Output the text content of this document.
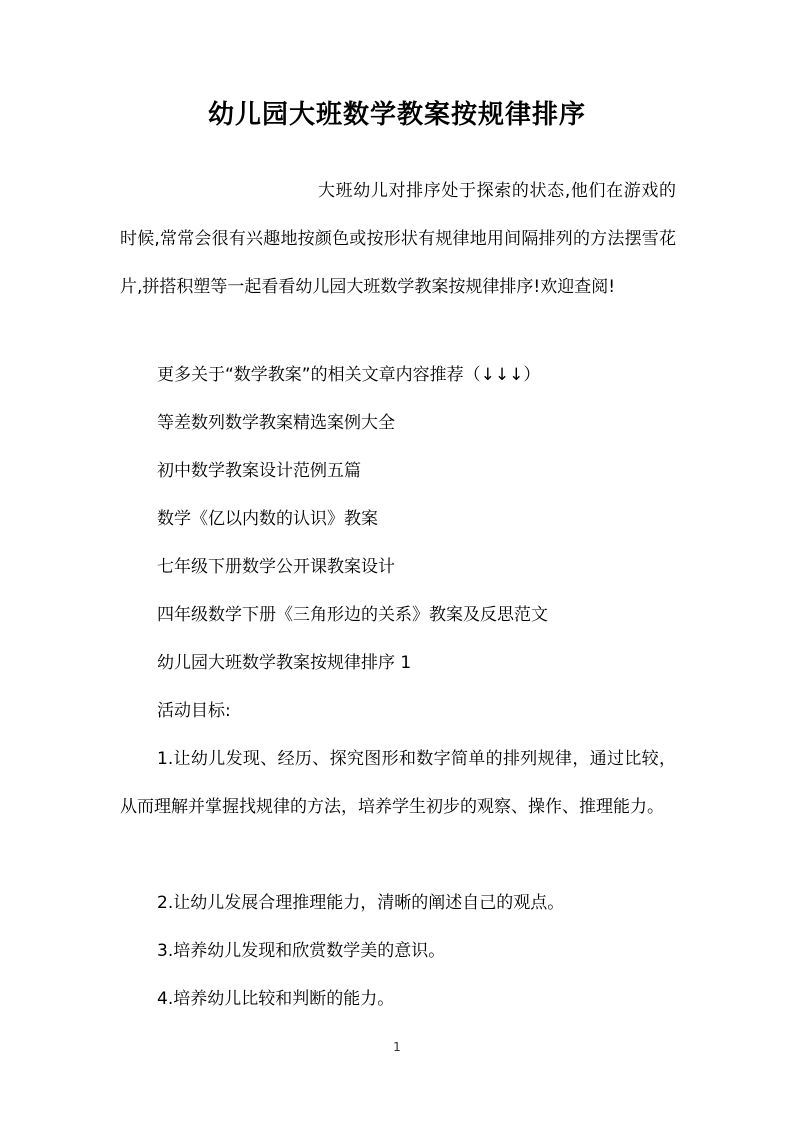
幼儿园大班数学教案按规律排序
大班幼儿对排序处于探索的状态,他们在游戏的时候,常常会很有兴趣地按颜色或按形状有规律地用间隔排列的方法摆雪花片,拼搭积塑等一起看看幼儿园大班数学教案按规律排序!欢迎查阅!
更多关于“数学教案”的相关文章内容推荐（↓↓↓）
等差数列数学教案精选案例大全
初中数学教案设计范例五篇
数学《亿以内数的认识》教案
七年级下册数学公开课教案设计
四年级数学下册《三角形边的关系》教案及反思范文
幼儿园大班数学教案按规律排序 1
活动目标:
1.让幼儿发现、经历、探究图形和数字简单的排列规律，通过比较，从而理解并掌握找规律的方法，培养学生初步的观察、操作、推理能力。
2.让幼儿发展合理推理能力，清晰的阐述自己的观点。
3.培养幼儿发现和欣赏数学美的意识。
4.培养幼儿比较和判断的能力。
1
